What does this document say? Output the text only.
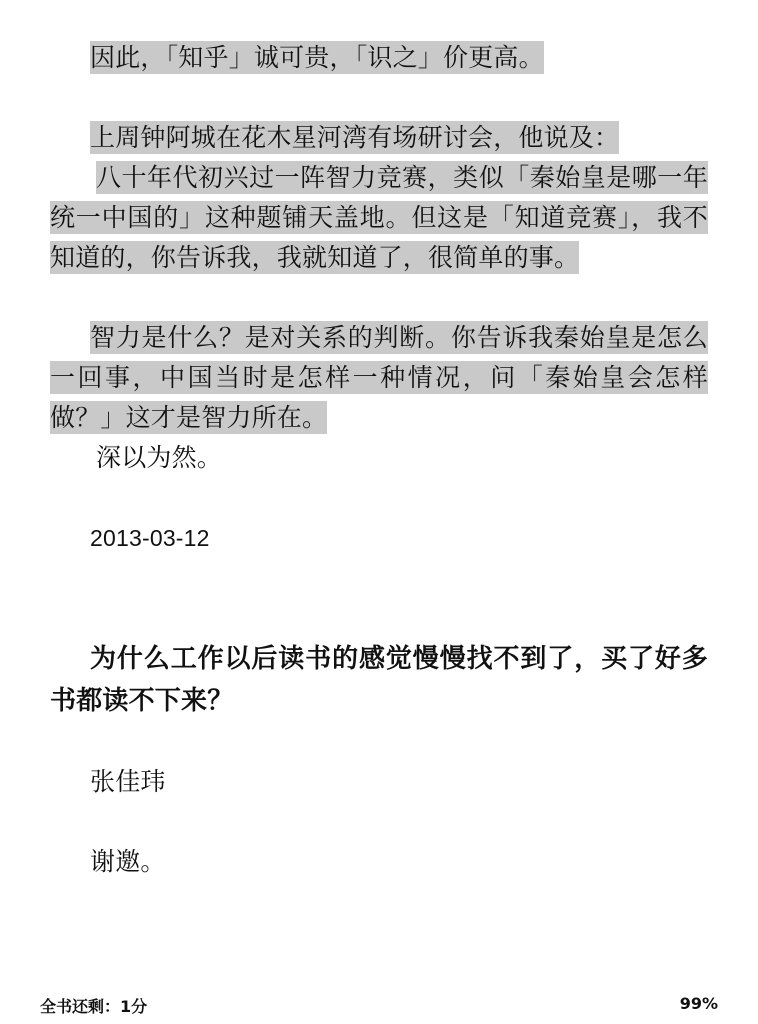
因此，「知乎」诚可贵，「识之」价更高。

上周钟阿城在花木星河湾有场研讨会，他说及：

八十年代初兴过一阵智力竞赛，类似「秦始皇是哪一年统一中国的」这种题铺天盖地。但这是「知道竞赛」，我不知道的，你告诉我，我就知道了，很简单的事。

智力是什么？是对关系的判断。你告诉我秦始皇是怎么一回事，中国当时是怎样一种情况，问「秦始皇会怎样做？」这才是智力所在。

深以为然。

2013-03-12

为什么工作以后读书的感觉慢慢找不到了，买了好多书都读不下来？

张佳玮

谢邀。

全书还剩：1分	99%
